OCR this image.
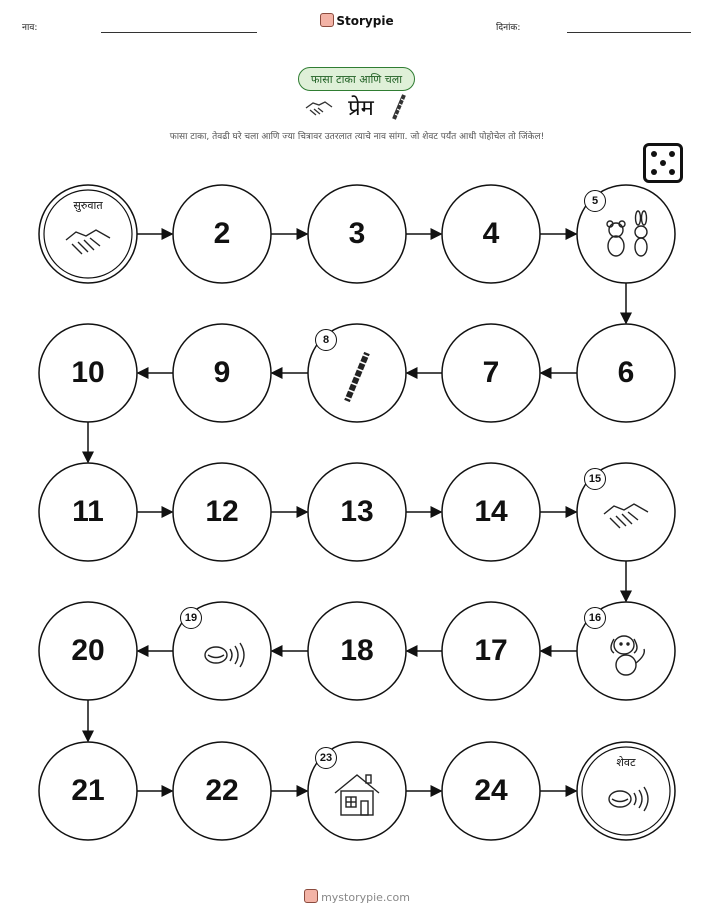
नाव:	Storypie	दिनांक:
फासा टाका आणि चला
प्रेम
फासा टाका, तेवढी घरे चला आणि ज्या चित्रावर उतरलात त्याचे नाव सांगा. जो शेवट पर्यंत आधी पोहोचेल तो जिंकेल!
सुरुवात
2	3	4
5
6
7
8
9
10
11	12	13	14
15
16
17
18
19
20
21	22
23
24
शेवट
mystorypie.com
